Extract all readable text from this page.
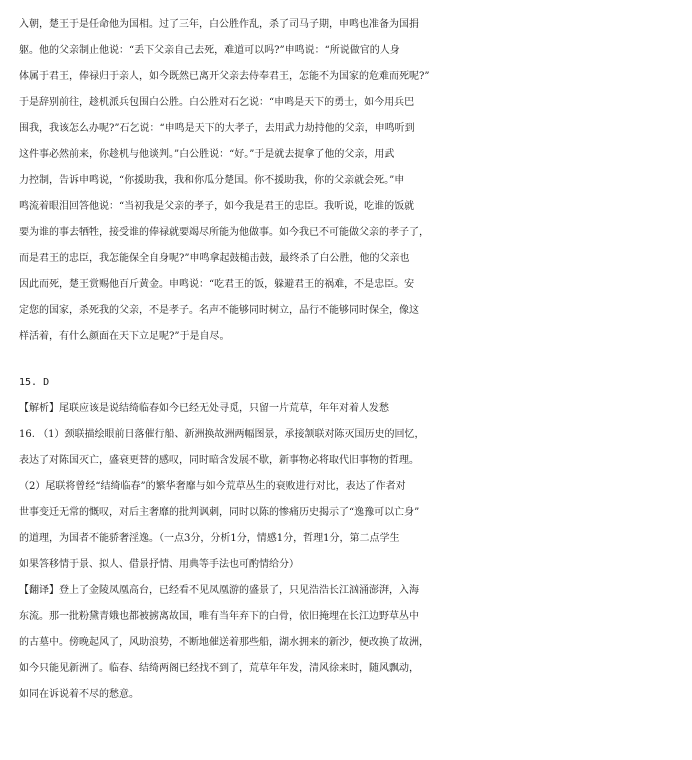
入朝，楚王于是任命他为国相。过了三年，白公胜作乱，杀了司马子期，申鸣也准备为国捐
躯。他的父亲制止他说：“丢下父亲自己去死，难道可以吗?”申鸣说：“所说做官的人身
体属于君王，俸禄归于亲人，如今既然已离开父亲去侍奉君王，怎能不为国家的危难而死呢?”
于是辞别前往，趁机派兵包围白公胜。白公胜对石乞说：“申鸣是天下的勇士，如今用兵巴
围我，我该怎么办呢?”石乞说：“申鸣是天下的大孝子，去用武力劫持他的父亲，申鸣听到
这件事必然前来，你趁机与他谈判。”白公胜说：“好。”于是就去捉拿了他的父亲，用武
力控制，告诉申鸣说，“你援助我，我和你瓜分楚国。你不援助我，你的父亲就会死。”申
鸣流着眼泪回答他说：“当初我是父亲的孝子，如今我是君王的忠臣。我听说，吃谁的饭就
要为谁的事去牺牲，接受谁的俸禄就要竭尽所能为他做事。如今我已不可能做父亲的孝子了，
而是君王的忠臣，我怎能保全自身呢?”申鸣拿起鼓槌击鼓，最终杀了白公胜，他的父亲也
因此而死，楚王赏赐他百斤黄金。申鸣说：“吃君王的饭，躲避君王的祸难，不是忠臣。安
定您的国家，杀死我的父亲，不是孝子。名声不能够同时树立，品行不能够同时保全，像这
样活着，有什么颜面在天下立足呢?”于是自尽。
15. D
【解析】尾联应该是说结绮临春如今已经无处寻觅，只留一片荒草，年年对着人发愁
16. （1）颈联描绘眼前日落催行船、新洲换故洲两幅图景，承接颔联对陈灭国历史的回忆，
表达了对陈国灭亡，盛衰更替的感叹，同时暗含发展不歇，新事物必将取代旧事物的哲理。
（2）尾联将曾经“结绮临春”的繁华奢靡与如今荒草丛生的衰败进行对比，表达了作者对
世事变迁无常的慨叹，对后主奢靡的批判讽刺，同时以陈的惨痛历史揭示了“逸豫可以亡身”
的道理，为国者不能骄奢淫逸。（一点3分，分析1分，情感1分，哲理1分，第二点学生
如果答移情于景、拟人、借景抒情、用典等手法也可酌情给分）
【翻译】登上了金陵凤凰高台，已经看不见凤凰游的盛景了，只见浩浩长江汹涌澎湃，入海
东流。那一批粉黛青娥也都被掳离故国，唯有当年弃下的白骨，依旧掩埋在长江边野草丛中
的古墓中。傍晚起风了，风助浪势，不断地催送着那些船，湖水拥来的新沙，便改换了故洲，
如今只能见新洲了。临春、结绮两阁已经找不到了，荒草年年发，清风徐来时，随风飘动，
如同在诉说着不尽的愁意。
